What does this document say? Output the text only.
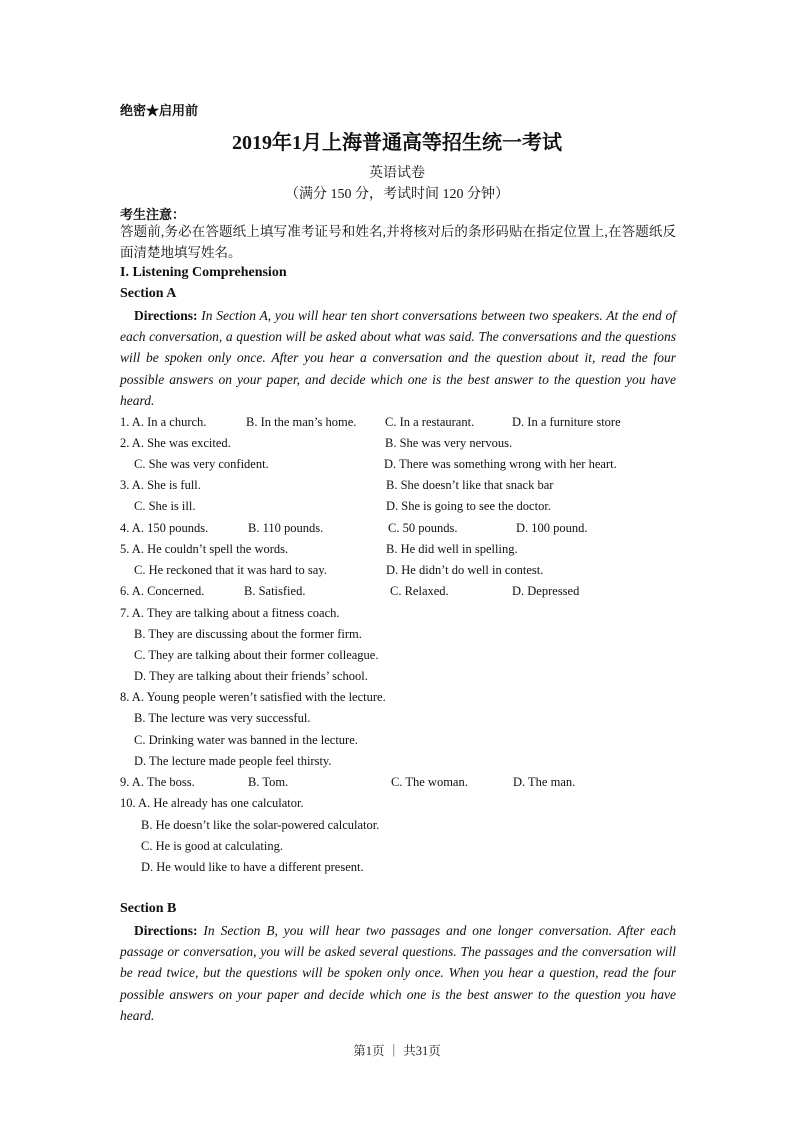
绝密★启用前
2019年1月上海普通高等招生统一考试
英语试卷
（满分 150 分，考试时间 120 分钟）
考生注意：
答题前,务必在答题纸上填写准考证号和姓名,并将核对后的条形码贴在指定位置上,在答题纸反面清楚地填写姓名。
I. Listening Comprehension
Section A
Directions: In Section A, you will hear ten short conversations between two speakers. At the end of each conversation, a question will be asked about what was said. The conversations and the questions will be spoken only once. After you hear a conversation and the question about it, read the four possible answers on your paper, and decide which one is the best answer to the question you have heard.
1. A. In a church.	B. In the man’s home. C. In a restaurant.	D. In a furniture store
2. A. She was excited.	B. She was very nervous.
C. She was very confident.	D. There was something wrong with her heart.
3. A. She is full.	B. She doesn’t like that snack bar
C. She is ill.	D. She is going to see the doctor.
4. A. 150 pounds.	B. 110 pounds.	C. 50 pounds.	D. 100 pound.
5. A. He couldn’t spell the words.	B. He did well in spelling.
C. He reckoned that it was hard to say.	D. He didn’t do well in contest.
6. A. Concerned.	B. Satisfied.	C. Relaxed.	D. Depressed
7. A. They are talking about a fitness coach.
B. They are discussing about the former firm.
C. They are talking about their former colleague.
D. They are talking about their friends’ school.
8. A. Young people weren’t satisfied with the lecture.
B. The lecture was very successful.
C. Drinking water was banned in the lecture.
D. The lecture made people feel thirsty.
9. A. The boss.	B. Tom.	C. The woman.	D. The man.
10. A. He already has one calculator.
B. He doesn’t like the solar-powered calculator.
C. He is good at calculating.
D. He would like to have a different present.
Section B
Directions: In Section B, you will hear two passages and one longer conversation. After each passage or conversation, you will be asked several questions. The passages and the conversation will be read twice, but the questions will be spoken only once. When you hear a question, read the four possible answers on your paper and decide which one is the best answer to the question you have heard.
第1页 ｜ 共31页
